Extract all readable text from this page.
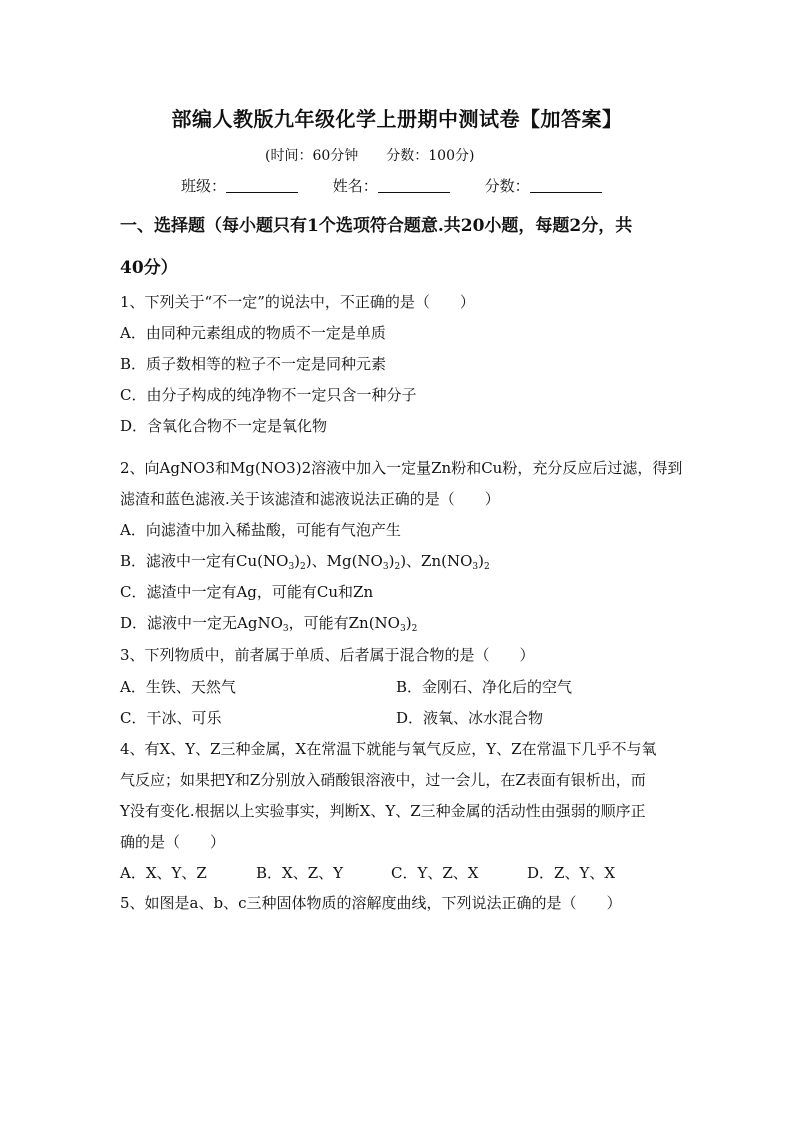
部编人教版九年级化学上册期中测试卷【加答案】
(时间：60分钟　　分数：100分)
班级：	姓名：	分数：
一、选择题（每小题只有1个选项符合题意.共20小题，每题2分，共
40分）
1、下列关于“不一定”的说法中，不正确的是（　　）
A．由同种元素组成的物质不一定是单质
B．质子数相等的粒子不一定是同种元素
C．由分子构成的纯净物不一定只含一种分子
D．含氧化合物不一定是氧化物
2、向AgNO3和Mg(NO3)2溶液中加入一定量Zn粉和Cu粉，充分反应后过滤，得到
滤渣和蓝色滤液.关于该滤渣和滤液说法正确的是（　　）
A．向滤渣中加入稀盐酸，可能有气泡产生
B．滤液中一定有$Cu(NO_3)_2$)、$Mg(NO_3)_2$)、$Zn(NO_3)_2$
C．滤渣中一定有Ag，可能有Cu和Zn
D．滤液中一定无AgNO$_3$，可能有$Zn(NO_3)_2$
3、下列物质中，前者属于单质、后者属于混合物的是（　　）
A．生铁、天然气	B．金刚石、净化后的空气
C．干冰、可乐	D．液氧、冰水混合物
4、有X、Y、Z三种金属，X在常温下就能与氧气反应，Y、Z在常温下几乎不与氧
气反应；如果把Y和Z分别放入硝酸银溶液中，过一会儿，在Z表面有银析出，而
Y没有变化.根据以上实验事实，判断X、Y、Z三种金属的活动性由强弱的顺序正
确的是（　　）
A．X、Y、Z	B．X、Z、Y	C．Y、Z、X	D．Z、Y、X
5、如图是a、b、c三种固体物质的溶解度曲线，下列说法正确的是（　　）
